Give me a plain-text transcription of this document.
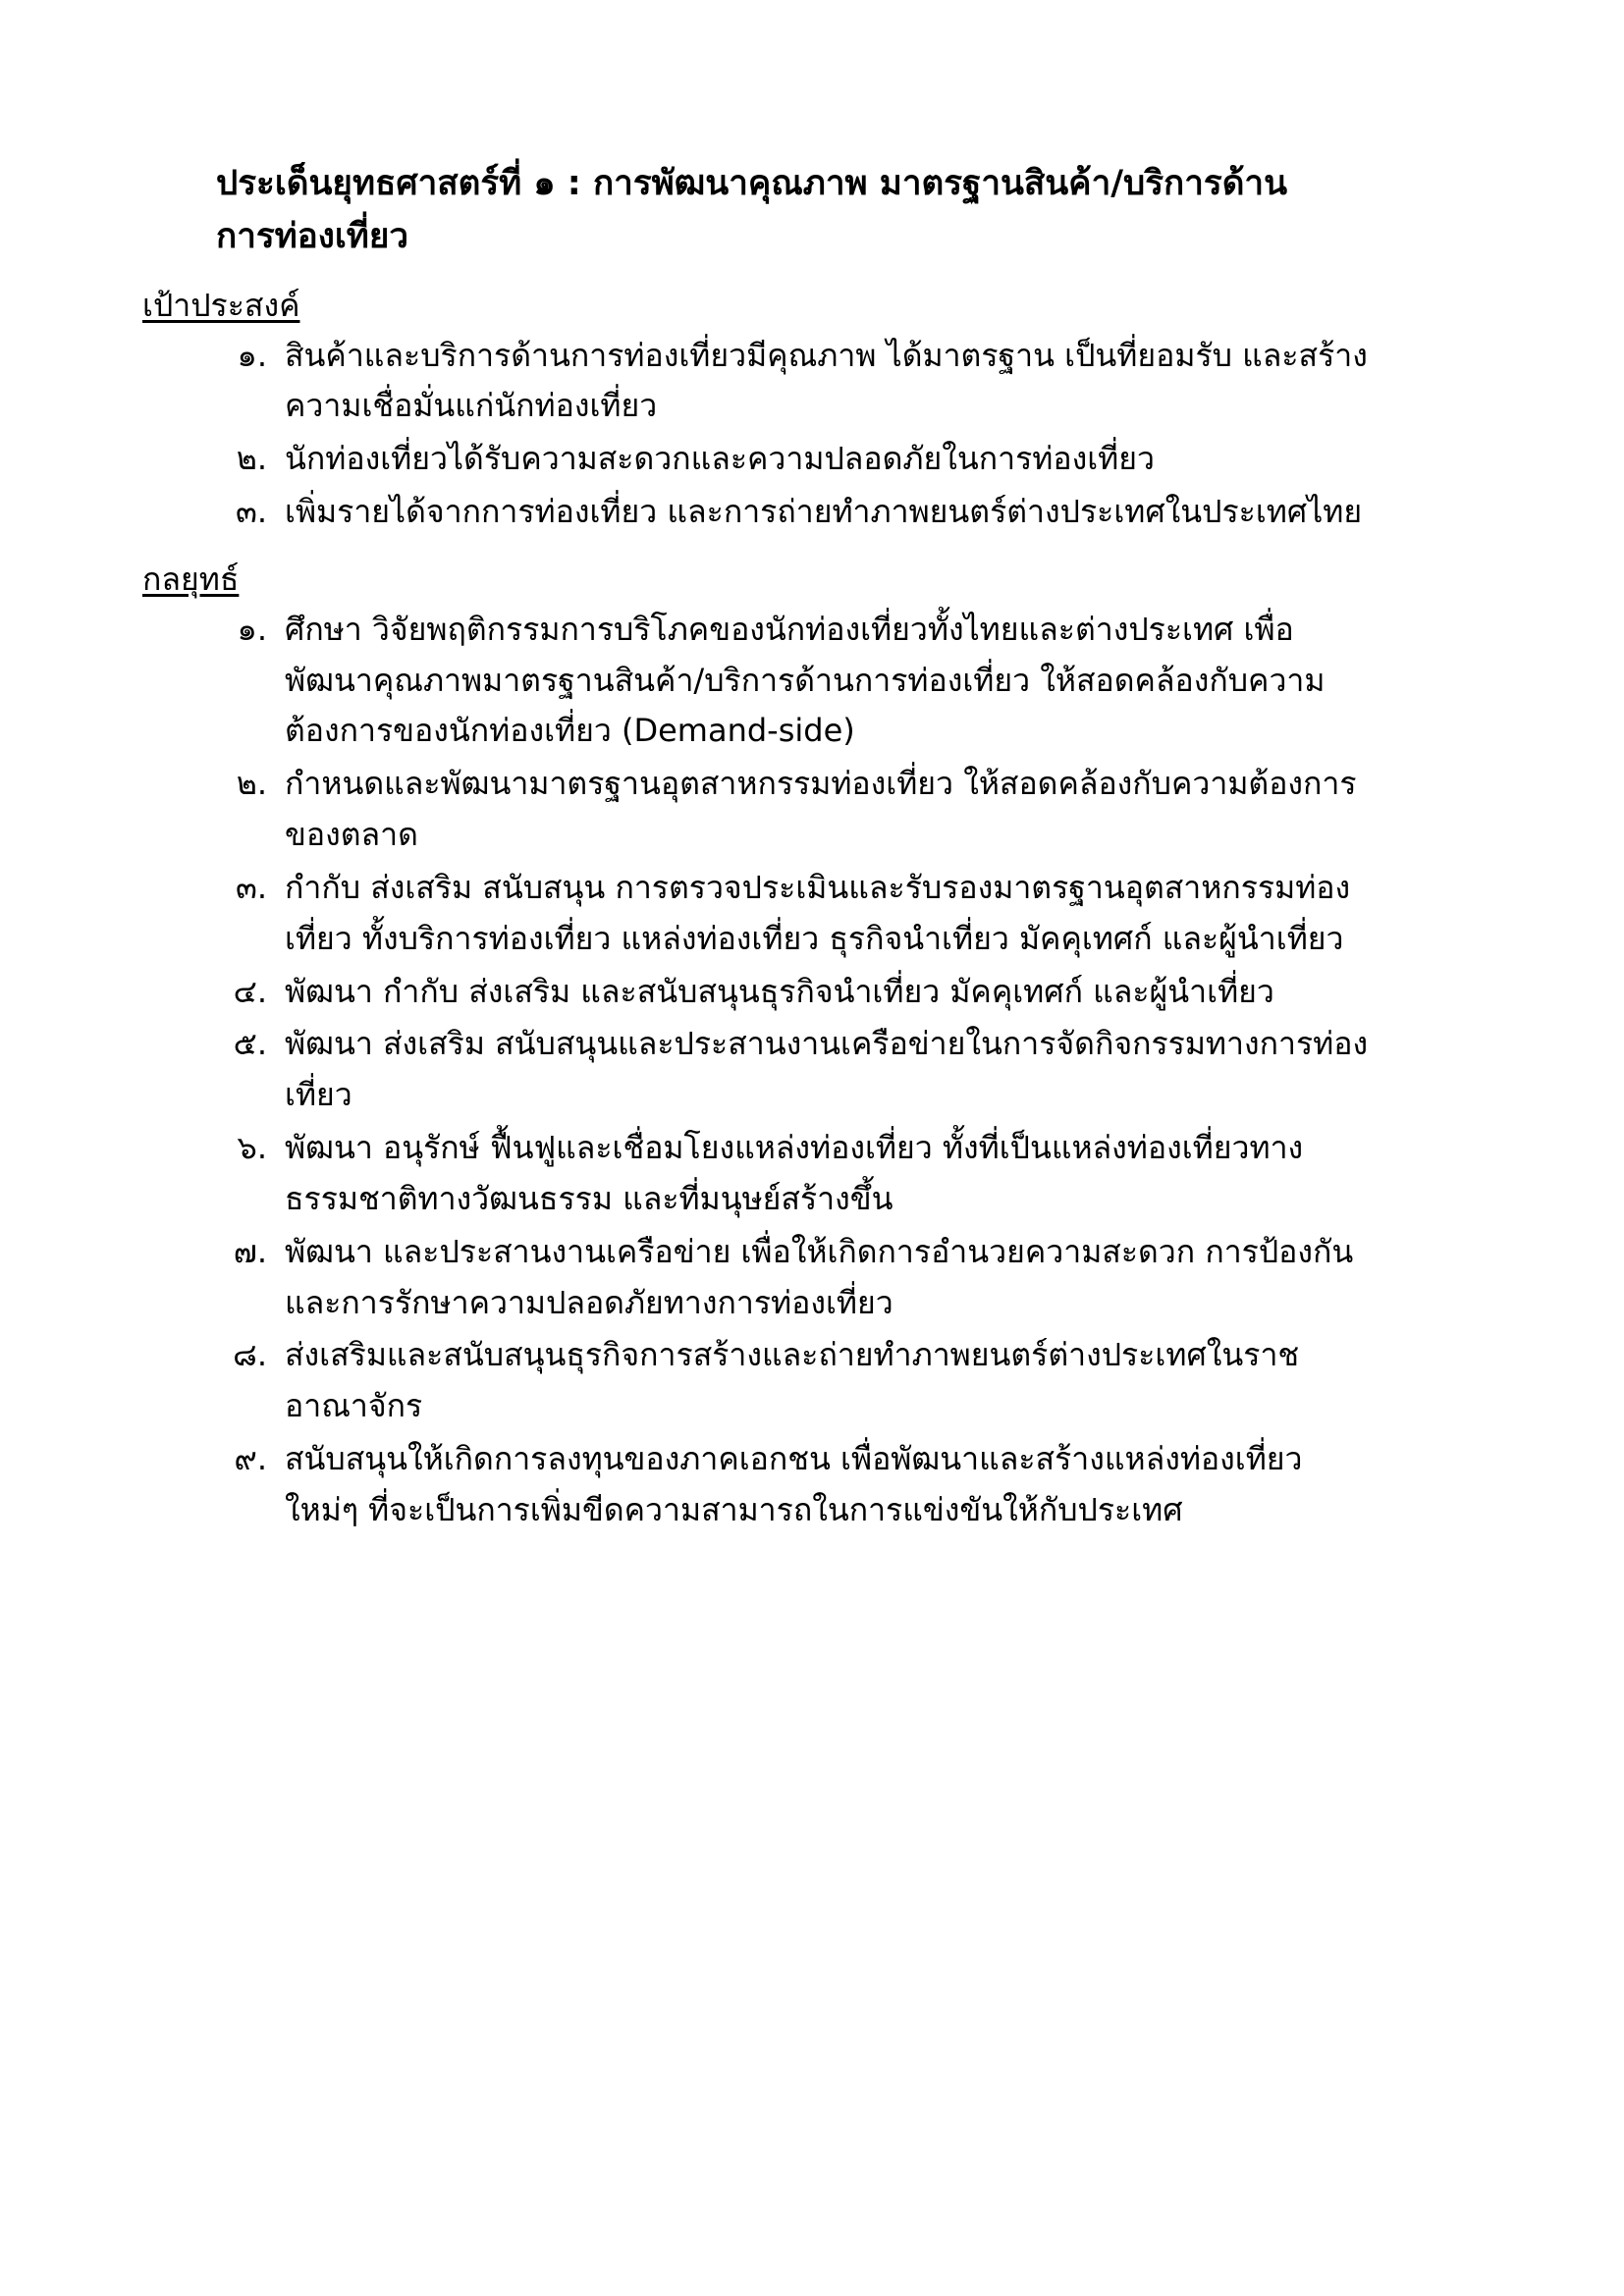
ประเด็นยุทธศาสตร์ที่ ๑ : การพัฒนาคุณภาพ มาตรฐานสินค้า/บริการด้านการท่องเที่ยว
เป้าประสงค์
๑. สินค้าและบริการด้านการท่องเที่ยวมีคุณภาพ ได้มาตรฐาน เป็นที่ยอมรับ และสร้างความเชื่อมั่นแก่นักท่องเที่ยว
๒. นักท่องเที่ยวได้รับความสะดวกและความปลอดภัยในการท่องเที่ยว
๓. เพิ่มรายได้จากการท่องเที่ยว และการถ่ายทำภาพยนตร์ต่างประเทศในประเทศไทย
กลยุทธ์
๑. ศึกษา วิจัยพฤติกรรมการบริโภคของนักท่องเที่ยวทั้งไทยและต่างประเทศ เพื่อพัฒนาคุณภาพมาตรฐานสินค้า/บริการด้านการท่องเที่ยว ให้สอดคล้องกับความต้องการของนักท่องเที่ยว (Demand-side)
๒. กำหนดและพัฒนามาตรฐานอุตสาหกรรมท่องเที่ยว ให้สอดคล้องกับความต้องการของตลาด
๓. กำกับ ส่งเสริม สนับสนุน การตรวจประเมินและรับรองมาตรฐานอุตสาหกรรมท่องเที่ยว ทั้งบริการท่องเที่ยว แหล่งท่องเที่ยว ธุรกิจนำเที่ยว มัคคุเทศก์ และผู้นำเที่ยว
๔. พัฒนา กำกับ ส่งเสริม และสนับสนุนธุรกิจนำเที่ยว มัคคุเทศก์ และผู้นำเที่ยว
๕. พัฒนา ส่งเสริม สนับสนุนและประสานงานเครือข่ายในการจัดกิจกรรมทางการท่องเที่ยว
๖. พัฒนา อนุรักษ์ ฟื้นฟูและเชื่อมโยงแหล่งท่องเที่ยว ทั้งที่เป็นแหล่งท่องเที่ยวทางธรรมชาติทางวัฒนธรรม และที่มนุษย์สร้างขึ้น
๗. พัฒนา และประสานงานเครือข่าย เพื่อให้เกิดการอำนวยความสะดวก การป้องกันและการรักษาความปลอดภัยทางการท่องเที่ยว
๘. ส่งเสริมและสนับสนุนธุรกิจการสร้างและถ่ายทำภาพยนตร์ต่างประเทศในราชอาณาจักร
๙. สนับสนุนให้เกิดการลงทุนของภาคเอกชน เพื่อพัฒนาและสร้างแหล่งท่องเที่ยวใหม่ๆ ที่จะเป็นการเพิ่มขีดความสามารถในการแข่งขันให้กับประเทศ
